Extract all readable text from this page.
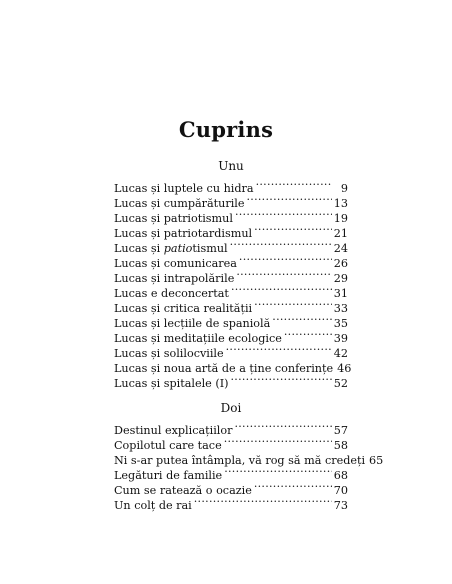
Cuprins
Unu
Lucas și luptele cu hidra .....	9
Lucas și cumpărăturile .....	13
Lucas și patriotismul .....	19
Lucas și patriotardismul .....	21
Lucas și patiotismul .....	24
Lucas și comunicarea .....	26
Lucas și intrapolările .....	29
Lucas e deconcertat .....	31
Lucas și critica realității .....	33
Lucas și lecțiile de spaniolă .....	35
Lucas și meditațiile ecologice .....	39
Lucas și solilocviile .....	42
Lucas și noua artă de a ține conferințe 46
Lucas și spitalele (I) .....	52
Doi
Destinul explicațiilor .....	57
Copilotul care tace .....	58
Ni s-ar putea întâmpla, vă rog să mă credeți 65
Legături de familie .....	68
Cum se ratează o ocazie .....	70
Un colț de rai .....	73
